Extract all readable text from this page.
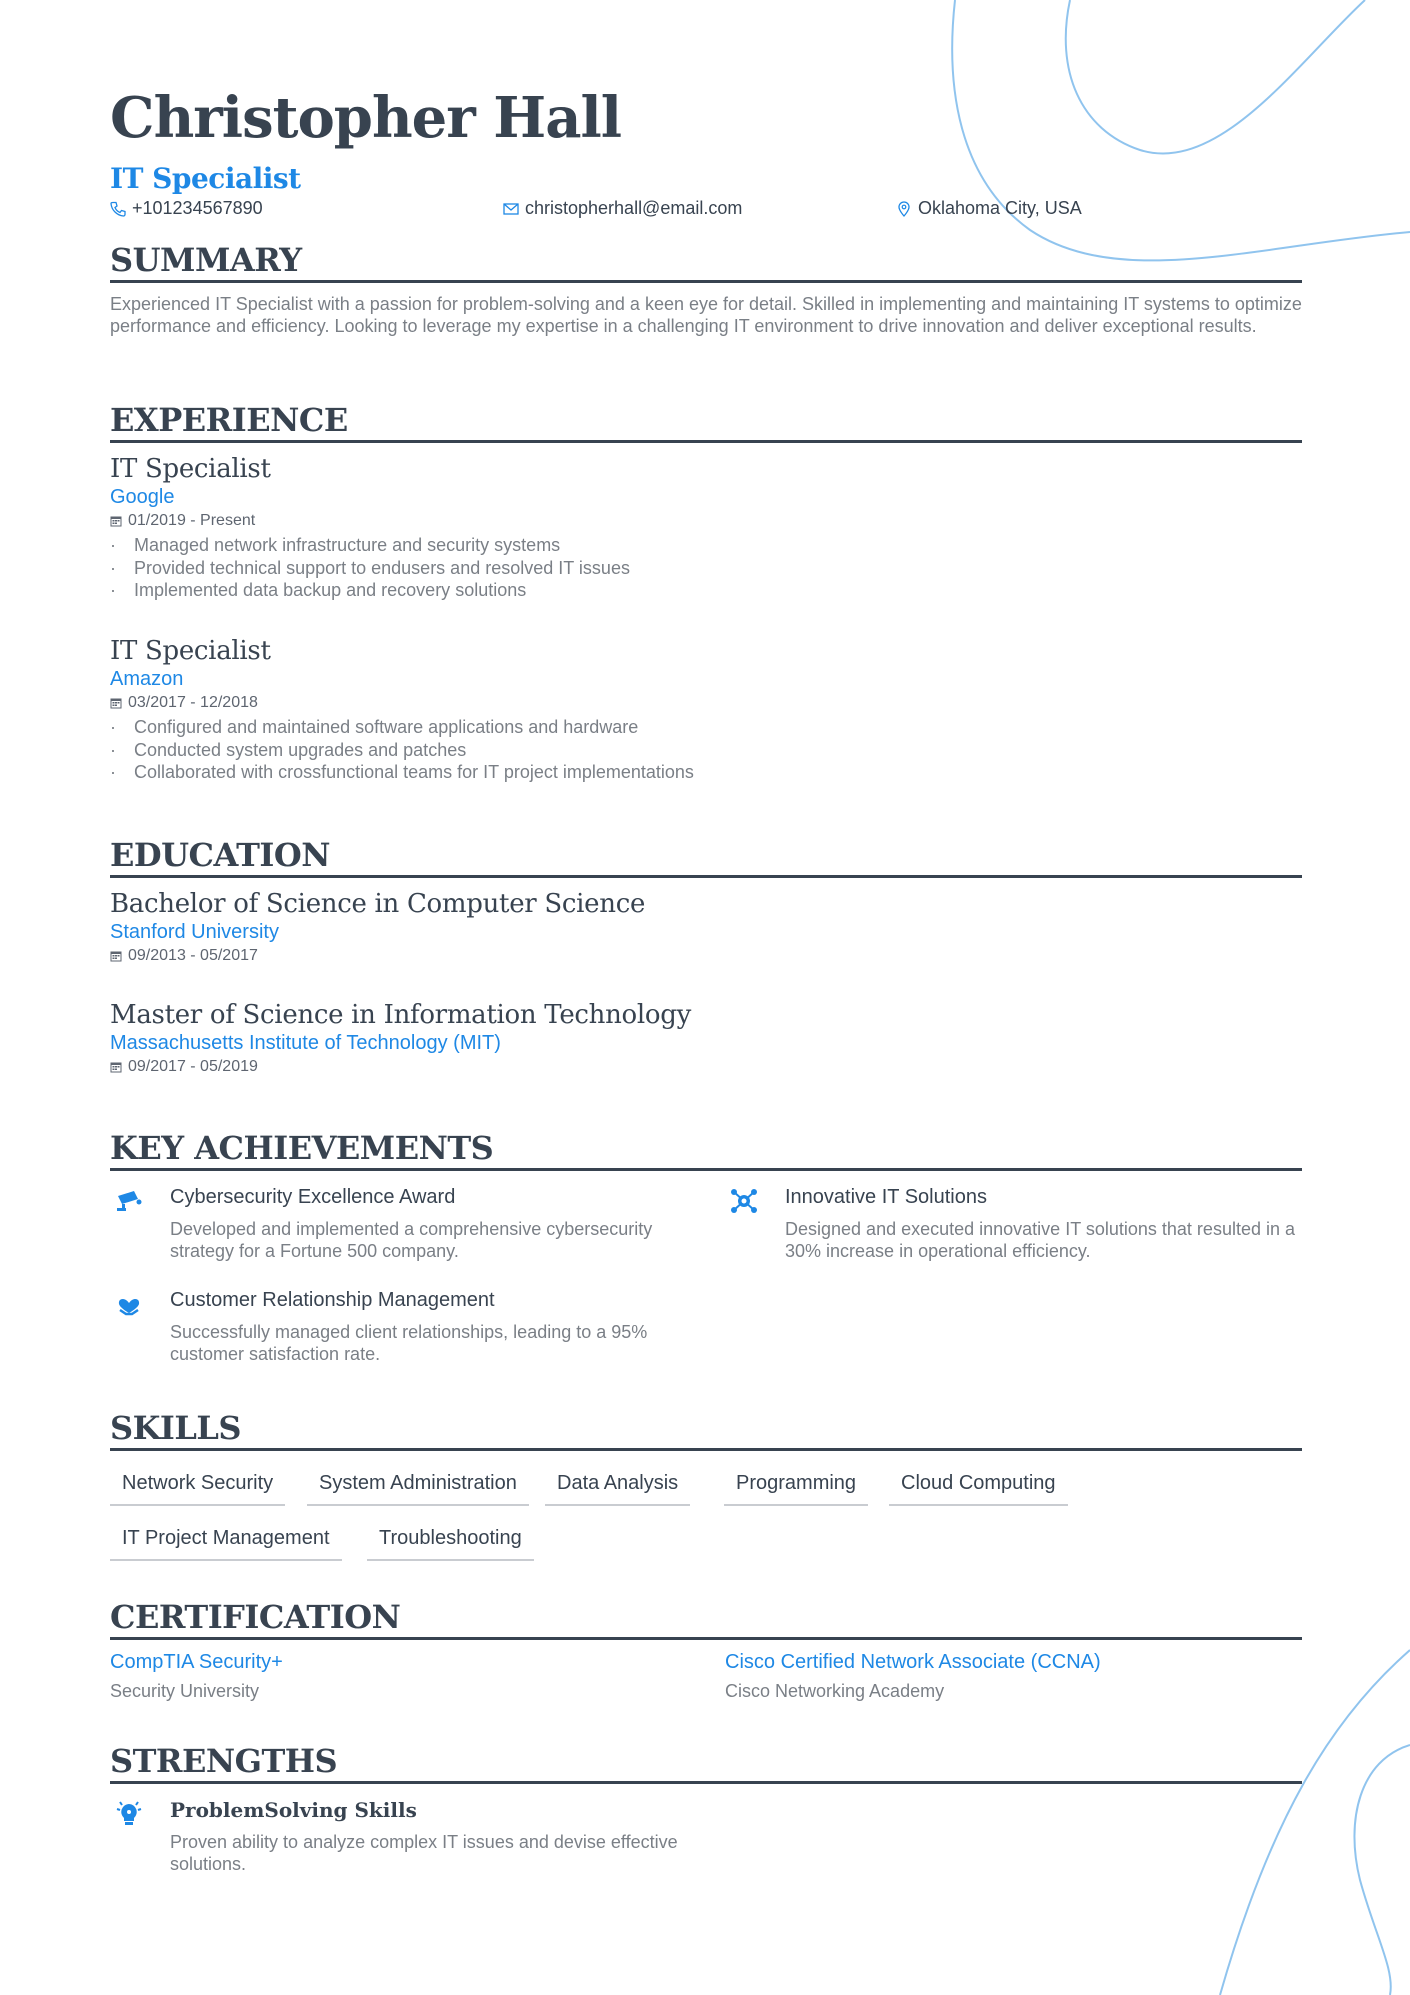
Christopher Hall
IT Specialist
+101234567890	christopherhall@email.com	Oklahoma City, USA
SUMMARY
Experienced IT Specialist with a passion for problem-solving and a keen eye for detail. Skilled in implementing and maintaining IT systems to optimize performance and efficiency. Looking to leverage my expertise in a challenging IT environment to drive innovation and deliver exceptional results.
EXPERIENCE
IT Specialist
Google
01/2019 - Present
· Managed network infrastructure and security systems
· Provided technical support to endusers and resolved IT issues
· Implemented data backup and recovery solutions
IT Specialist
Amazon
03/2017 - 12/2018
· Configured and maintained software applications and hardware
· Conducted system upgrades and patches
· Collaborated with crossfunctional teams for IT project implementations
EDUCATION
Bachelor of Science in Computer Science
Stanford University
09/2013 - 05/2017
Master of Science in Information Technology
Massachusetts Institute of Technology (MIT)
09/2017 - 05/2019
KEY ACHIEVEMENTS
Cybersecurity Excellence Award
Developed and implemented a comprehensive cybersecurity strategy for a Fortune 500 company.
Innovative IT Solutions
Designed and executed innovative IT solutions that resulted in a 30% increase in operational efficiency.
Customer Relationship Management
Successfully managed client relationships, leading to a 95% customer satisfaction rate.
SKILLS
Network Security	System Administration	Data Analysis	Programming	Cloud Computing
IT Project Management	Troubleshooting
CERTIFICATION
CompTIA Security+
Security University
Cisco Certified Network Associate (CCNA)
Cisco Networking Academy
STRENGTHS
ProblemSolving Skills
Proven ability to analyze complex IT issues and devise effective solutions.
